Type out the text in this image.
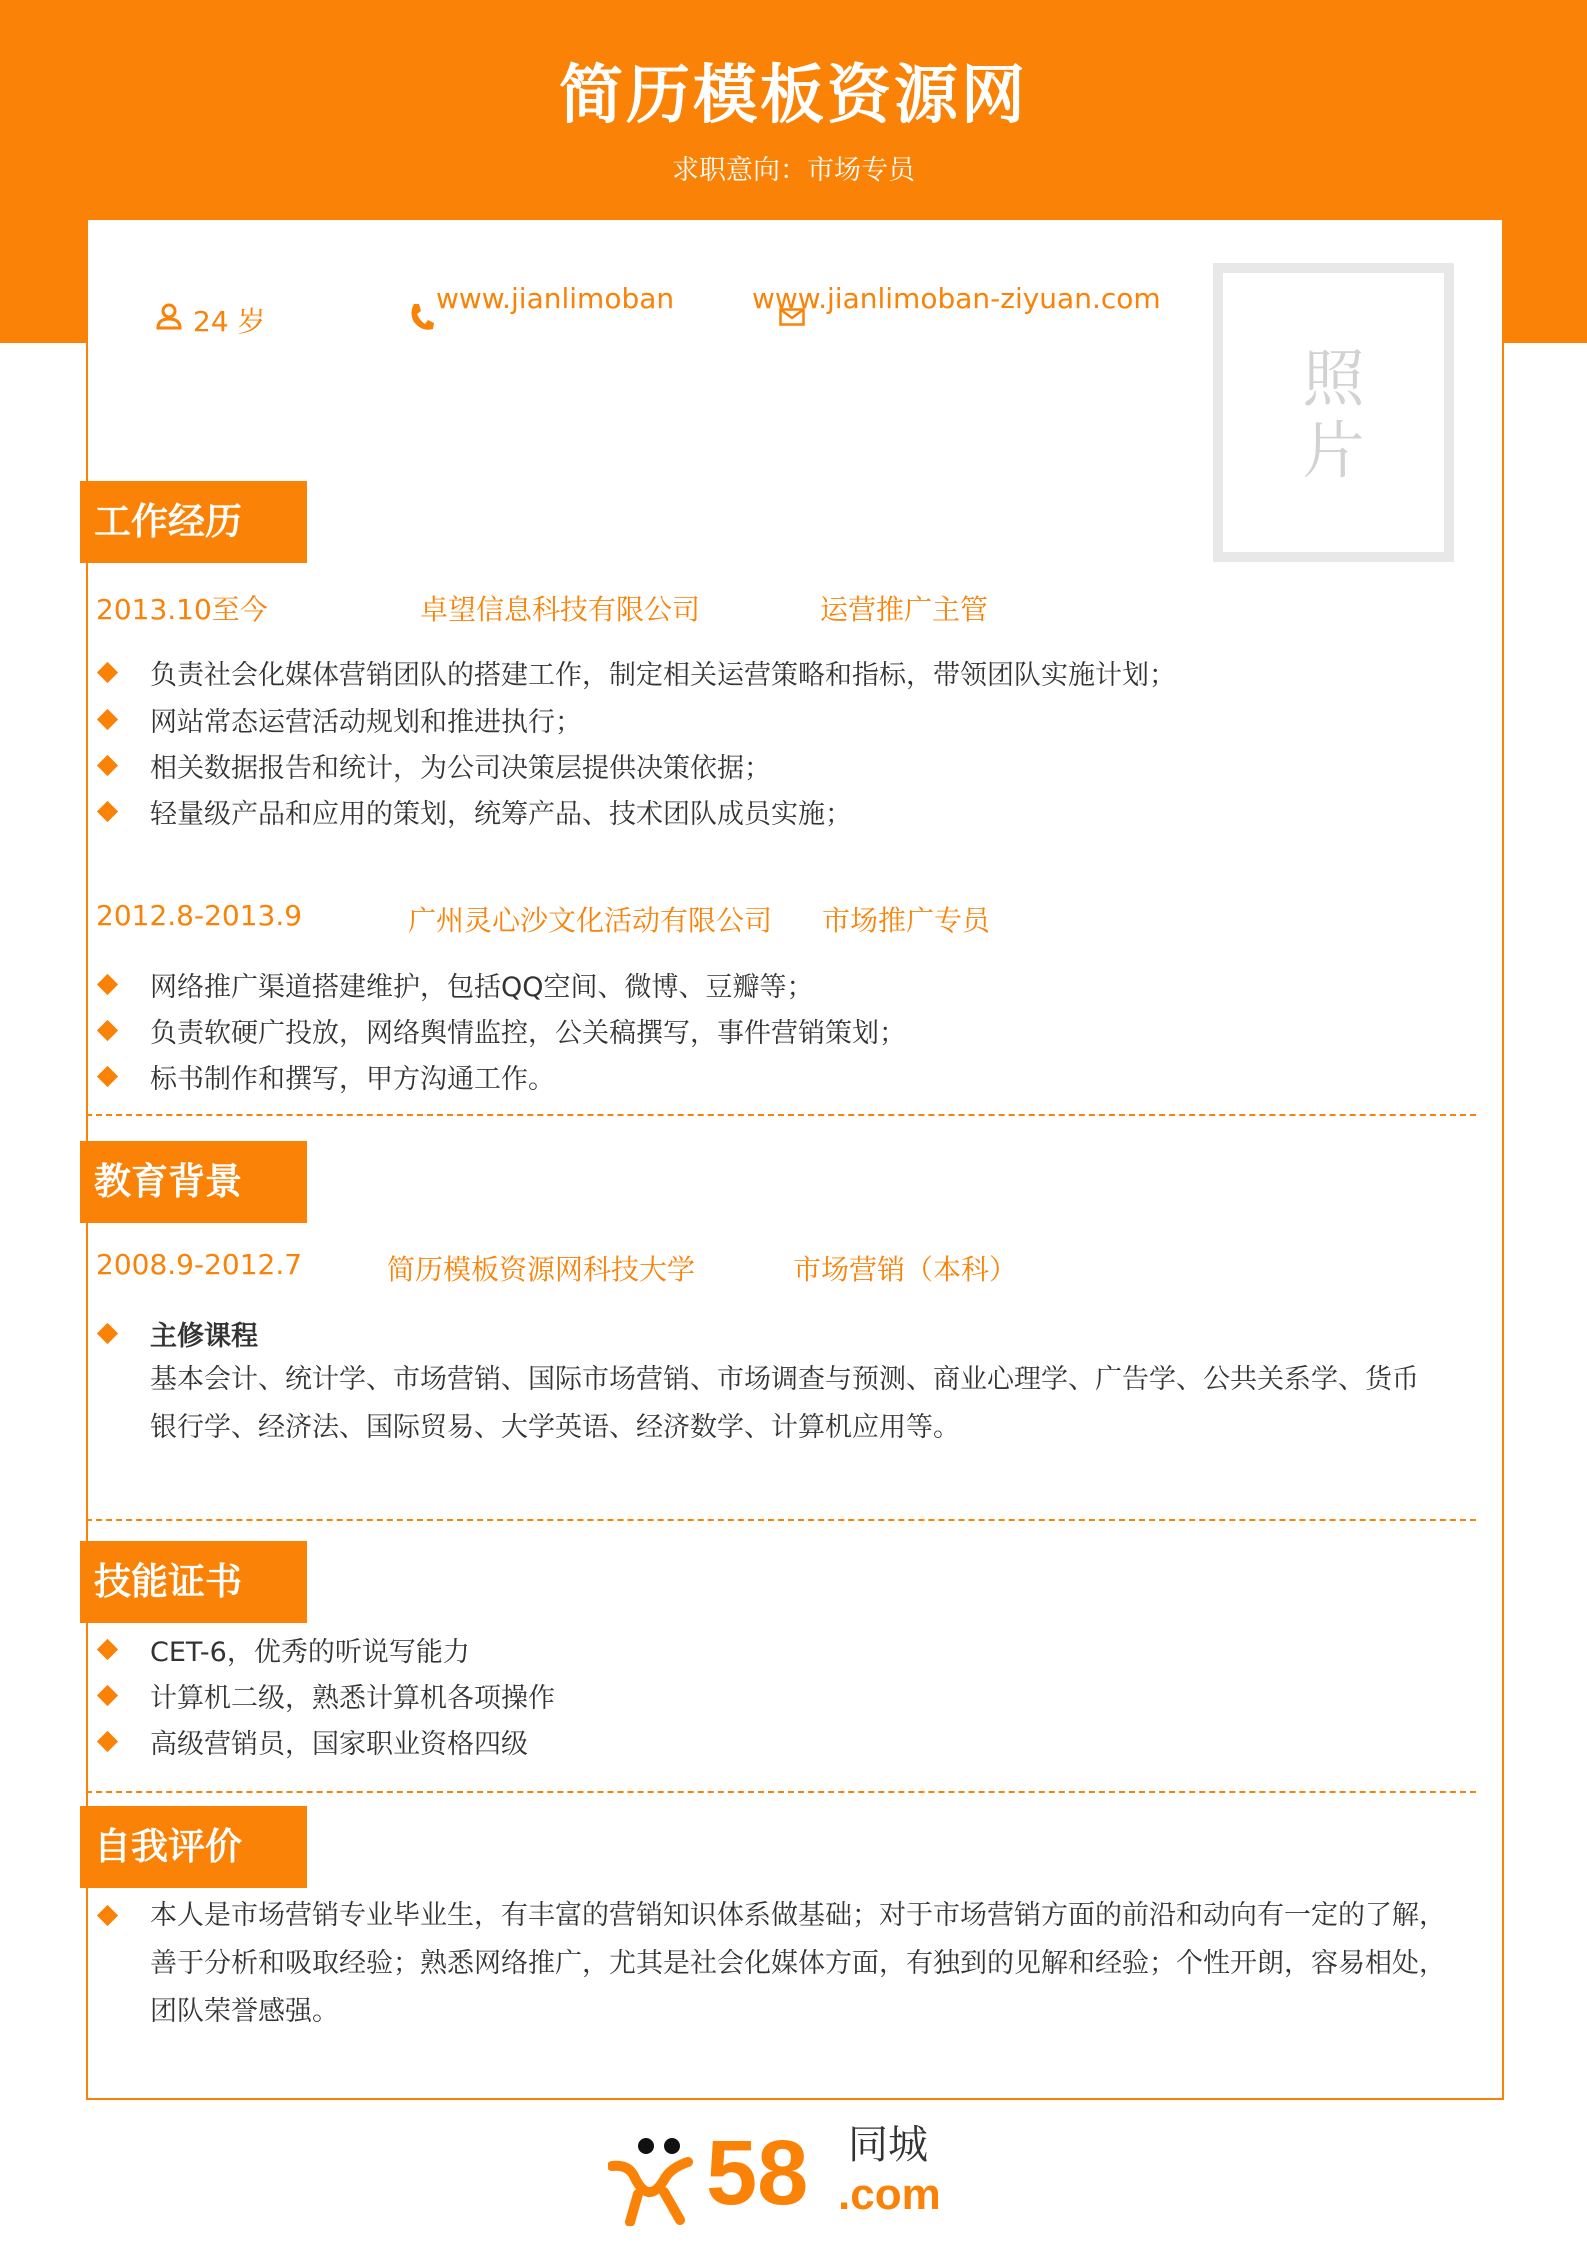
简历模板资源网
求职意向：市场专员
24 岁
www.jianlimoban	www.jianlimoban-ziyuan.com
照
片
工作经历
2013.10至今	卓望信息科技有限公司	运营推广主管
负责社会化媒体营销团队的搭建工作，制定相关运营策略和指标，带领团队实施计划；
网站常态运营活动规划和推进执行；
相关数据报告和统计，为公司决策层提供决策依据；
轻量级产品和应用的策划，统筹产品、技术团队成员实施；
2012.8-2013.9	广州灵心沙文化活动有限公司 市场推广专员
网络推广渠道搭建维护，包括QQ空间、微博、豆瓣等；
负责软硬广投放，网络舆情监控，公关稿撰写，事件营销策划；
标书制作和撰写，甲方沟通工作。
教育背景
2008.9-2012.7	简历模板资源网科技大学	市场营销（本科）
主修课程
基本会计、统计学、市场营销、国际市场营销、市场调查与预测、商业心理学、广告学、公共关系学、货币
银行学、经济法、国际贸易、大学英语、经济数学、计算机应用等。
技能证书
CET-6，优秀的听说写能力
计算机二级，熟悉计算机各项操作
高级营销员，国家职业资格四级
自我评价
本人是市场营销专业毕业生，有丰富的营销知识体系做基础；对于市场营销方面的前沿和动向有一定的了解，
善于分析和吸取经验；熟悉网络推广，尤其是社会化媒体方面，有独到的见解和经验；个性开朗，容易相处，
团队荣誉感强。
58 同城
.com
